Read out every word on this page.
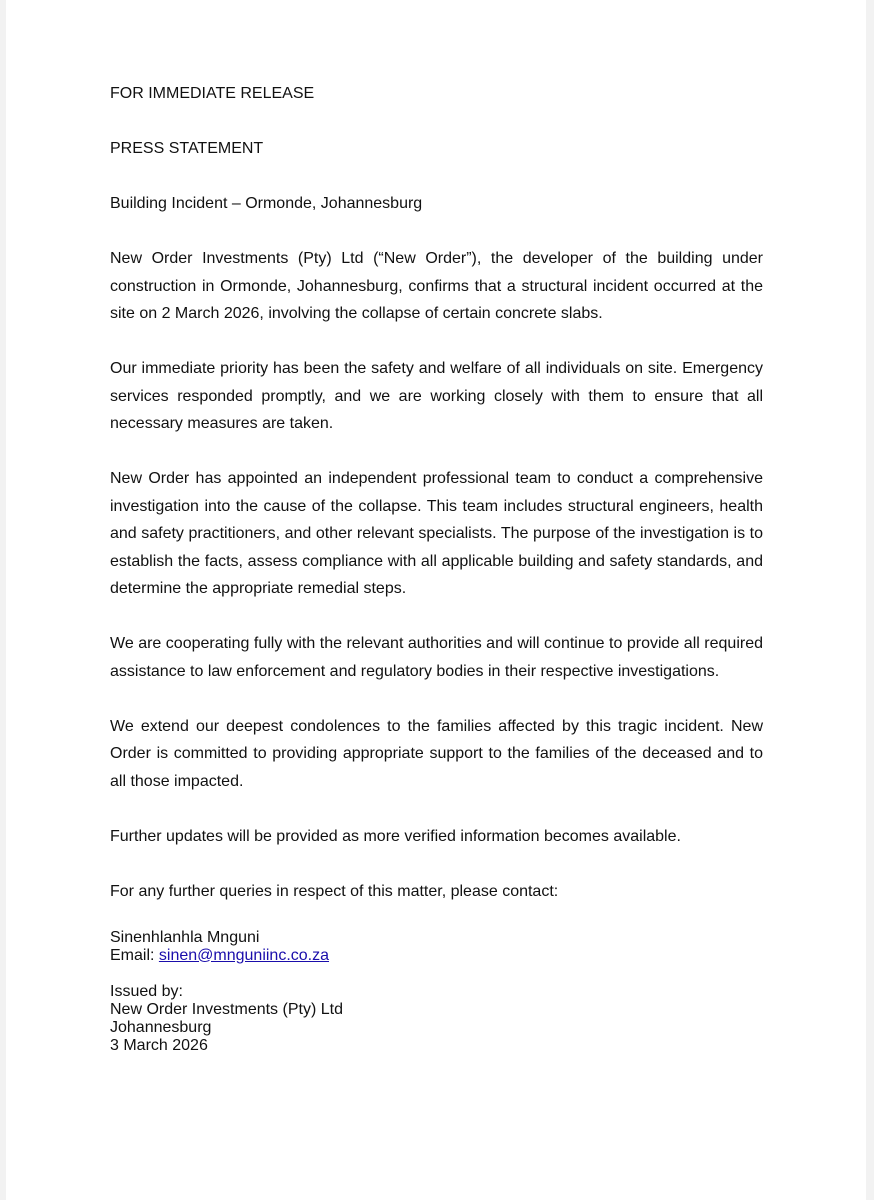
FOR IMMEDIATE RELEASE

PRESS STATEMENT

Building Incident – Ormonde, Johannesburg

New Order Investments (Pty) Ltd (“New Order”), the developer of the building under construction in Ormonde, Johannesburg, confirms that a structural incident occurred at the site on 2 March 2026, involving the collapse of certain concrete slabs.

Our immediate priority has been the safety and welfare of all individuals on site. Emergency services responded promptly, and we are working closely with them to ensure that all necessary measures are taken.

New Order has appointed an independent professional team to conduct a comprehensive investigation into the cause of the collapse. This team includes structural engineers, health and safety practitioners, and other relevant specialists. The purpose of the investigation is to establish the facts, assess compliance with all applicable building and safety standards, and determine the appropriate remedial steps.

We are cooperating fully with the relevant authorities and will continue to provide all required assistance to law enforcement and regulatory bodies in their respective investigations.

We extend our deepest condolences to the families affected by this tragic incident. New Order is committed to providing appropriate support to the families of the deceased and to all those impacted.

Further updates will be provided as more verified information becomes available.

For any further queries in respect of this matter, please contact:

Sinenhlanhla Mnguni

Email: sinen@mnguniinc.co.za

Issued by:

New Order Investments (Pty) Ltd

Johannesburg

3 March 2026
